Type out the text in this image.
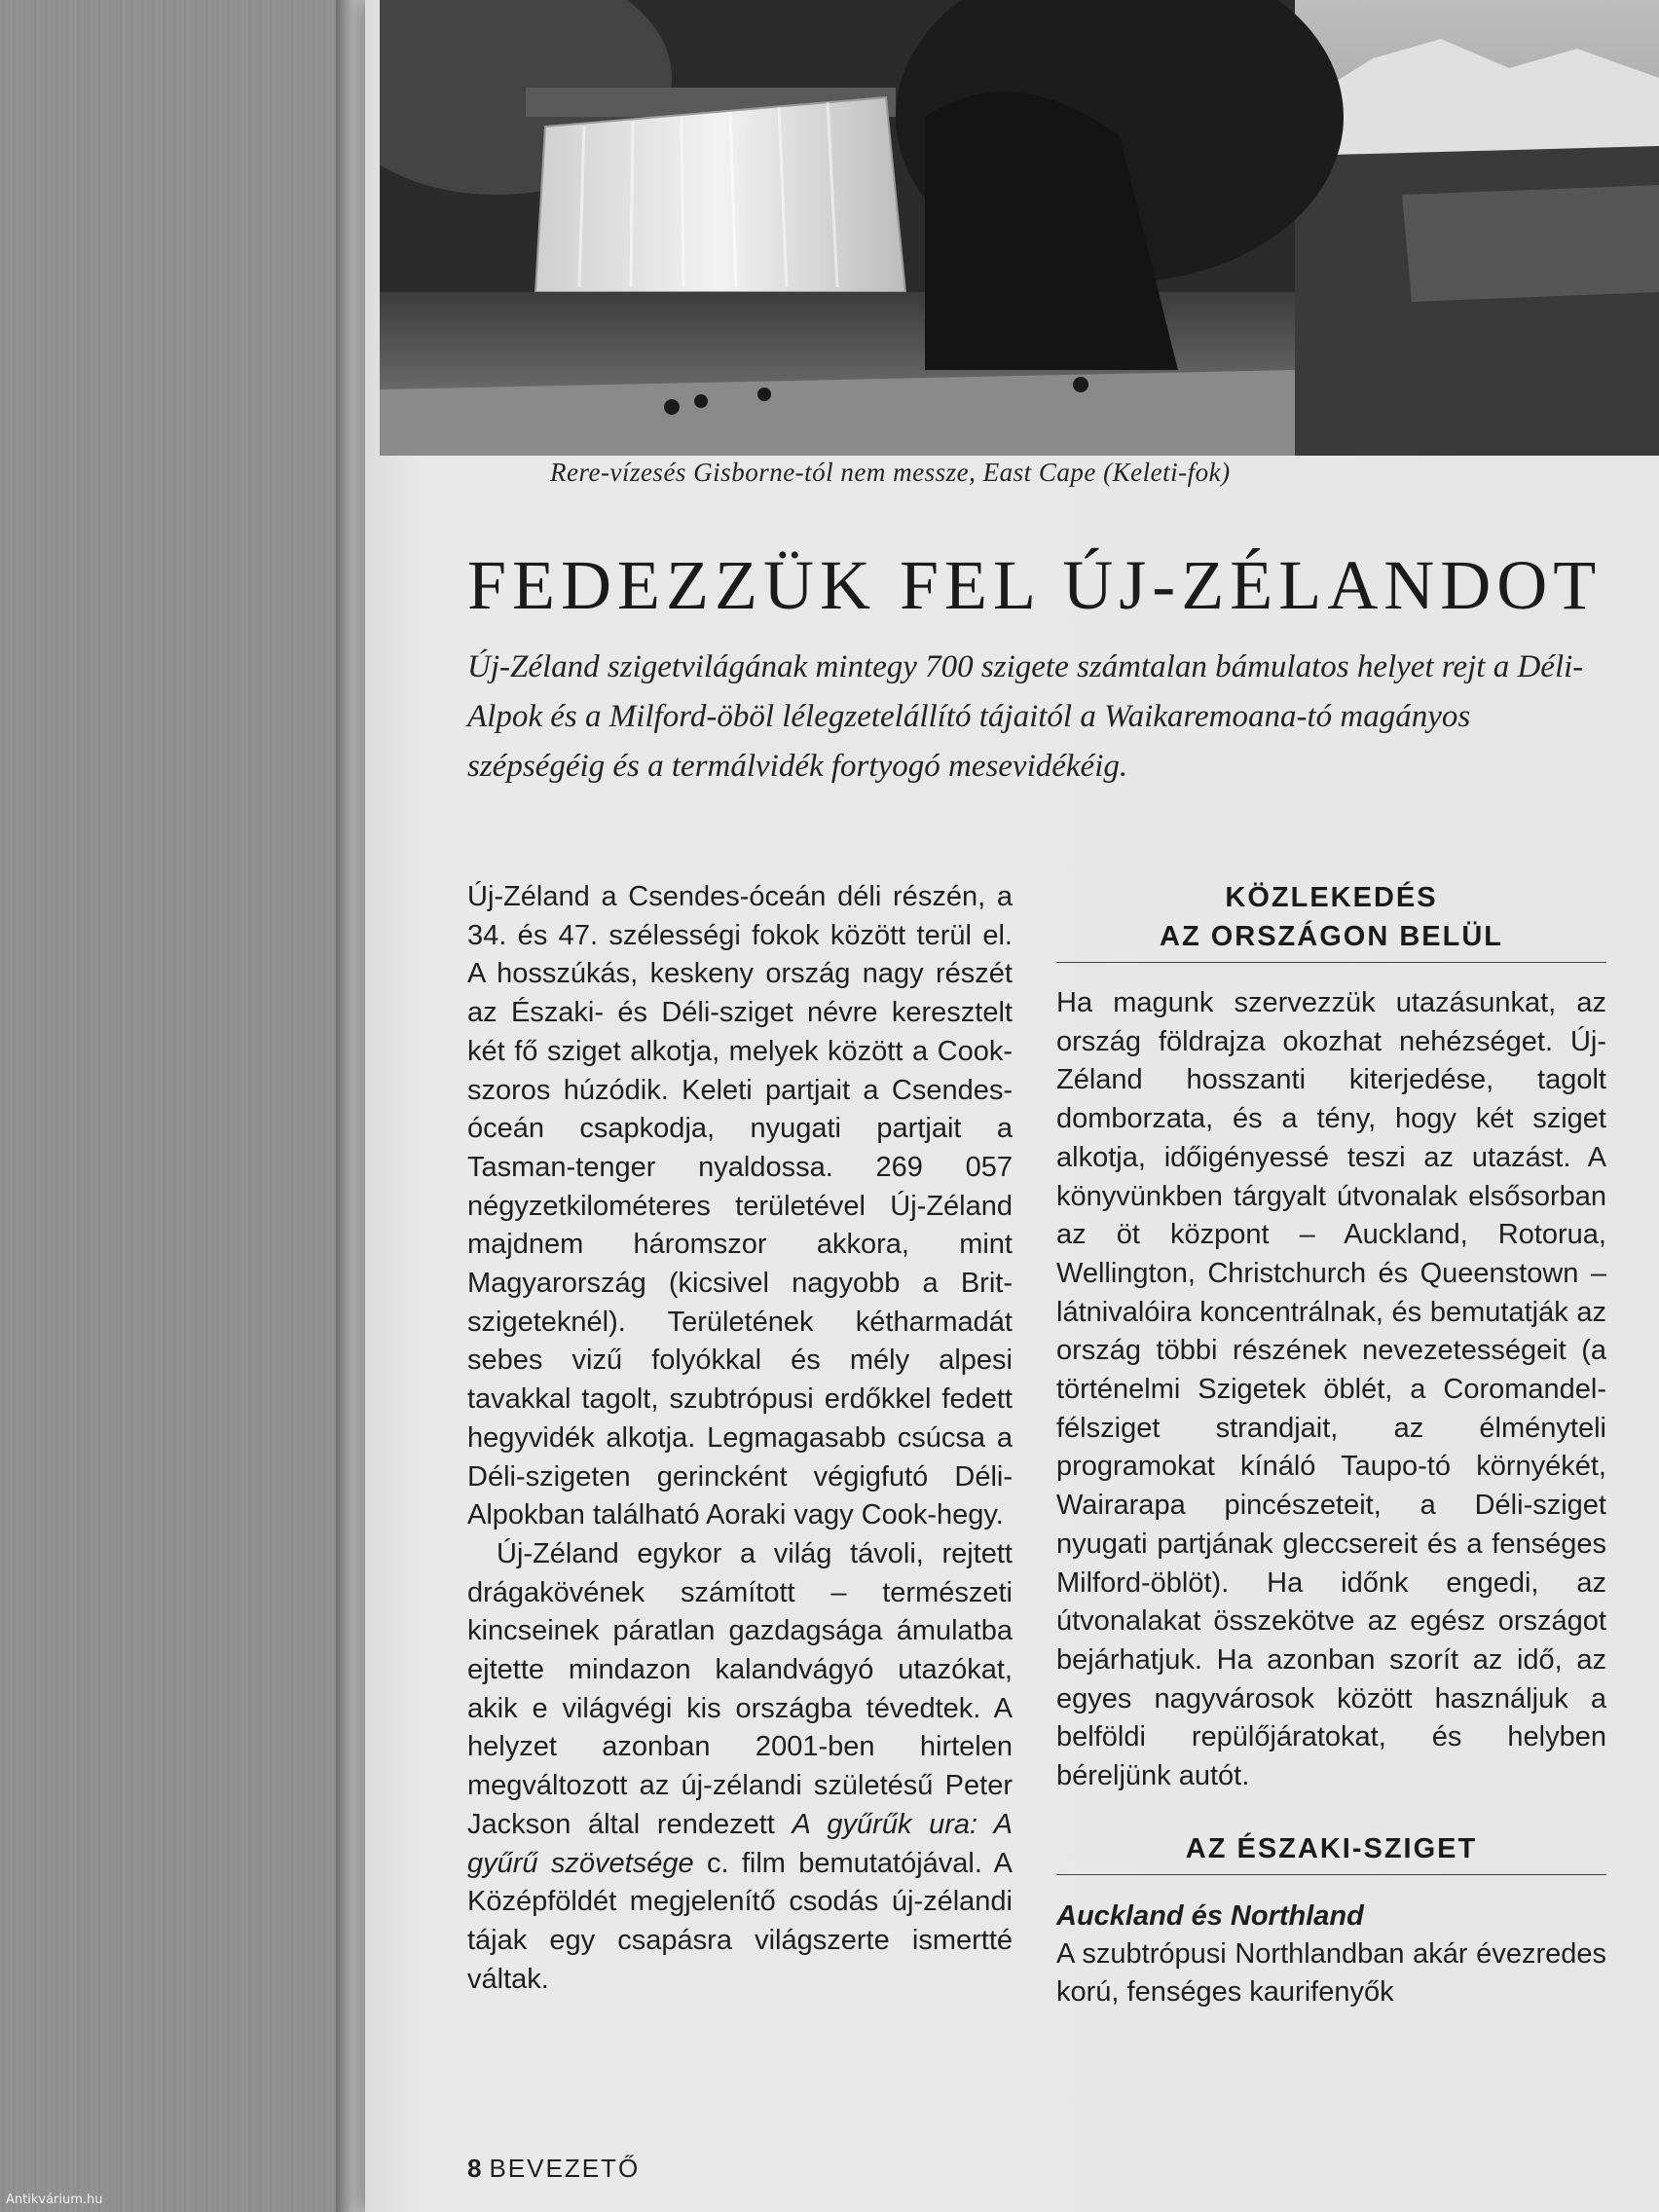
Rere-vízesés Gisborne-tól nem messze, East Cape (Keleti-fok)
FEDEZZÜK FEL ÚJ-ZÉLANDOT
Új-Zéland szigetvilágának mintegy 700 szigete számtalan bámulatos helyet rejt a Déli-Alpok és a Milford-öböl lélegzetelállító tájaitól a Waikaremoana-tó magányos szépségéig és a termálvidék fortyogó mesevidékéig.

Új-Zéland a Csendes-óceán déli részén, a 34. és 47. szélességi fokok között terül el. A hosszúkás, keskeny ország nagy részét az Északi- és Déli-sziget névre keresztelt két fő sziget alkotja, melyek között a Cook-szoros húzódik. Keleti partjait a Csendes-óceán csapkodja, nyugati partjait a Tasman-tenger nyaldossa. 269 057 négyzetkilométeres területével Új-Zéland majdnem háromszor akkora, mint Magyarország (kicsivel nagyobb a Brit-szigeteknél). Területének kétharmadát sebes vizű folyókkal és mély alpesi tavakkal tagolt, szubtrópusi erdőkkel fedett hegyvidék alkotja. Legmagasabb csúcsa a Déli-szigeten gerincként végigfutó Déli-Alpokban található Aoraki vagy Cook-hegy.

Új-Zéland egykor a világ távoli, rejtett drágakövének számított – természeti kincseinek páratlan gazdagsága ámulatba ejtette mindazon kalandvágyó utazókat, akik e világvégi kis országba tévedtek. A helyzet azonban 2001-ben hirtelen megváltozott az új-zélandi születésű Peter Jackson által rendezett A gyűrűk ura: A gyűrű szövetsége c. film bemutatójával. A Középföldét megjelenítő csodás új-zélandi tájak egy csapásra világszerte ismertté váltak.

KÖZLEKEDÉS
AZ ORSZÁGON BELÜL

Ha magunk szervezzük utazásunkat, az ország földrajza okozhat nehézséget. Új-Zéland hosszanti kiterjedése, tagolt domborzata, és a tény, hogy két sziget alkotja, időigényessé teszi az utazást. A könyvünkben tárgyalt útvonalak elsősorban az öt központ – Auckland, Rotorua, Wellington, Christchurch és Queenstown – látnivalóira koncentrálnak, és bemutatják az ország többi részének nevezetességeit (a történelmi Szigetek öblét, a Coromandel-félsziget strandjait, az élményteli programokat kínáló Taupo-tó környékét, Wairarapa pincészeteit, a Déli-sziget nyugati partjának gleccsereit és a fenséges Milford-öblöt). Ha időnk engedi, az útvonalakat összekötve az egész országot bejárhatjuk. Ha azonban szorít az idő, az egyes nagyvárosok között használjuk a belföldi repülőjáratokat, és helyben béreljünk autót.

AZ ÉSZAKI-SZIGET
Auckland és Northland

A szubtrópusi Northlandban akár évezredes korú, fenséges kaurifenyők

8 BEVEZETŐ
Antikvárium.hu
